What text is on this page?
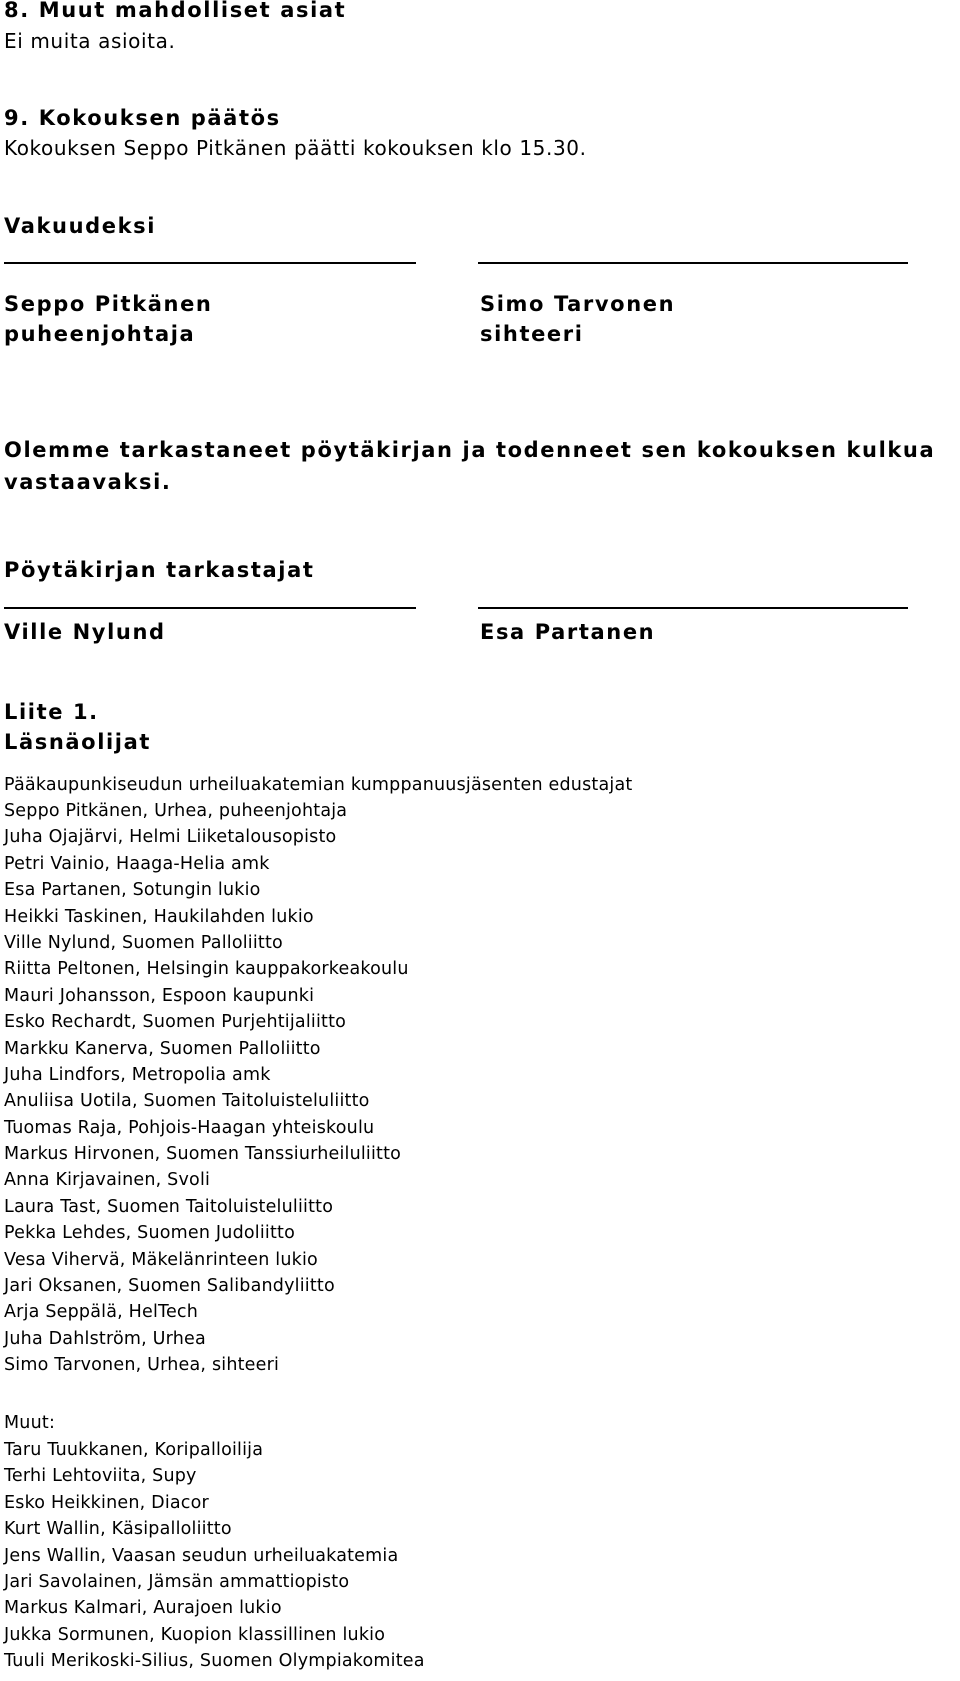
8. Muut mahdolliset asiat
Ei muita asioita.
9. Kokouksen päätös
Kokouksen Seppo Pitkänen päätti kokouksen klo 15.30.
Vakuudeksi
Seppo Pitkänen
puheenjohtaja
Simo Tarvonen
sihteeri
Olemme tarkastaneet pöytäkirjan ja todenneet sen kokouksen kulkua
vastaavaksi.
Pöytäkirjan tarkastajat
Ville Nylund	Esa Partanen
Liite 1.
Läsnäolijat
Pääkaupunkiseudun urheiluakatemian kumppanuusjäsenten edustajat
Seppo Pitkänen, Urhea, puheenjohtaja
Juha Ojajärvi, Helmi Liiketalousopisto
Petri Vainio, Haaga-Helia amk
Esa Partanen, Sotungin lukio
Heikki Taskinen, Haukilahden lukio
Ville Nylund, Suomen Palloliitto
Riitta Peltonen, Helsingin kauppakorkeakoulu
Mauri Johansson, Espoon kaupunki
Esko Rechardt, Suomen Purjehtijaliitto
Markku Kanerva, Suomen Palloliitto
Juha Lindfors, Metropolia amk
Anuliisa Uotila, Suomen Taitoluisteluliitto
Tuomas Raja, Pohjois-Haagan yhteiskoulu
Markus Hirvonen, Suomen Tanssiurheiluliitto
Anna Kirjavainen, Svoli
Laura Tast, Suomen Taitoluisteluliitto
Pekka Lehdes, Suomen Judoliitto
Vesa Vihervä, Mäkelänrinteen lukio
Jari Oksanen, Suomen Salibandyliitto
Arja Seppälä, HelTech
Juha Dahlström, Urhea
Simo Tarvonen, Urhea, sihteeri
Muut:
Taru Tuukkanen, Koripalloilija
Terhi Lehtoviita, Supy
Esko Heikkinen, Diacor
Kurt Wallin, Käsipalloliitto
Jens Wallin, Vaasan seudun urheiluakatemia
Jari Savolainen, Jämsän ammattiopisto
Markus Kalmari, Aurajoen lukio
Jukka Sormunen, Kuopion klassillinen lukio
Tuuli Merikoski-Silius, Suomen Olympiakomitea
